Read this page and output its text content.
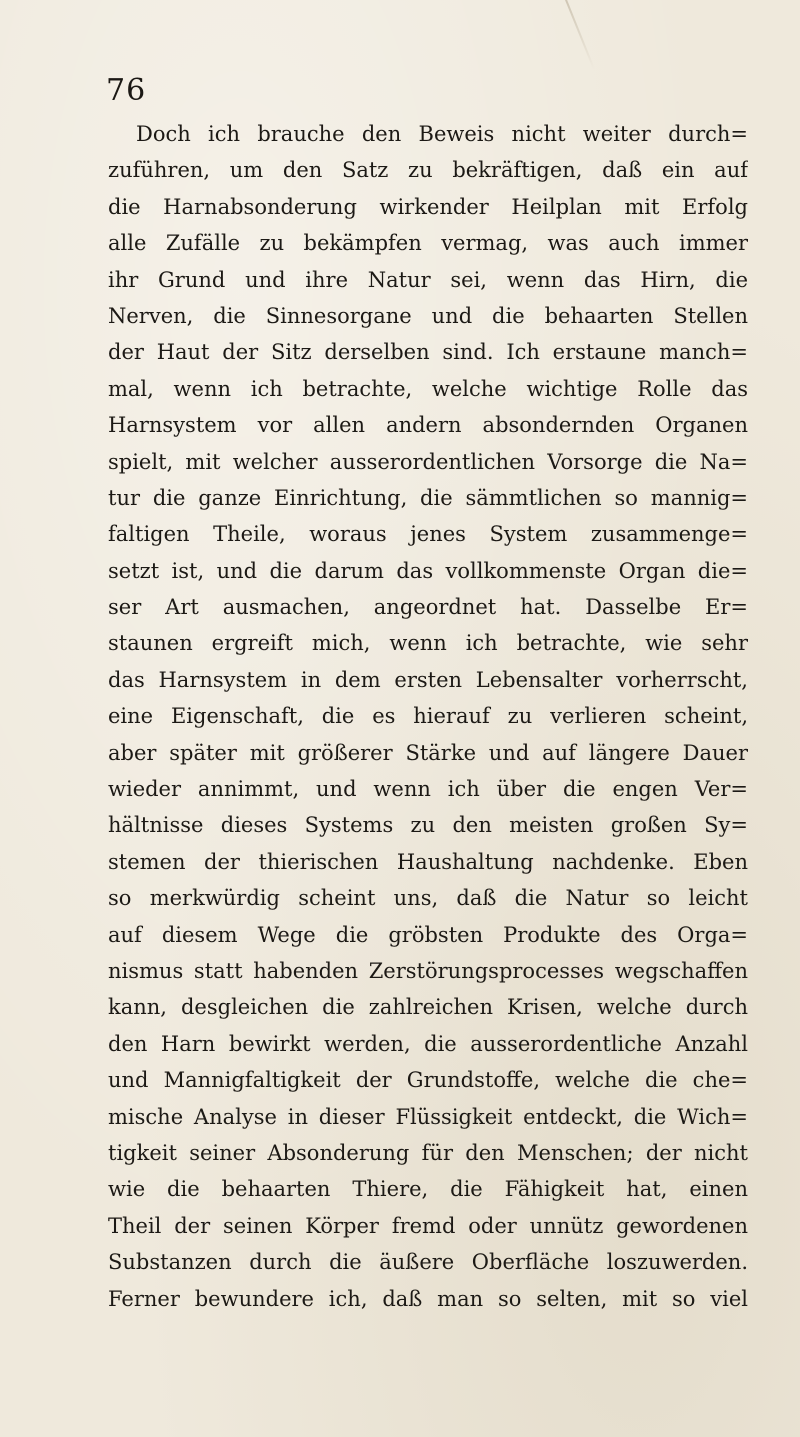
76
Doch ich brauche den Beweis nicht weiter durch=
zuführen, um den Satz zu bekräftigen, daß ein auf
die Harnabsonderung wirkender Heilplan mit Erfolg
alle Zufälle zu bekämpfen vermag, was auch immer
ihr Grund und ihre Natur sei, wenn das Hirn, die
Nerven, die Sinnesorgane und die behaarten Stellen
der Haut der Sitz derselben sind. Ich erstaune manch=
mal, wenn ich betrachte, welche wichtige Rolle das
Harnsystem vor allen andern absondernden Organen
spielt, mit welcher ausserordentlichen Vorsorge die Na=
tur die ganze Einrichtung, die sämmtlichen so mannig=
faltigen Theile, woraus jenes System zusammenge=
setzt ist, und die darum das vollkommenste Organ die=
ser Art ausmachen, angeordnet hat. Dasselbe Er=
staunen ergreift mich, wenn ich betrachte, wie sehr
das Harnsystem in dem ersten Lebensalter vorherrscht,
eine Eigenschaft, die es hierauf zu verlieren scheint,
aber später mit größerer Stärke und auf längere Dauer
wieder annimmt, und wenn ich über die engen Ver=
hältnisse dieses Systems zu den meisten großen Sy=
stemen der thierischen Haushaltung nachdenke. Eben
so merkwürdig scheint uns, daß die Natur so leicht
auf diesem Wege die gröbsten Produkte des Orga=
nismus statt habenden Zerstörungsprocesses wegschaffen
kann, desgleichen die zahlreichen Krisen, welche durch
den Harn bewirkt werden, die ausserordentliche Anzahl
und Mannigfaltigkeit der Grundstoffe, welche die che=
mische Analyse in dieser Flüssigkeit entdeckt, die Wich=
tigkeit seiner Absonderung für den Menschen; der nicht
wie die behaarten Thiere, die Fähigkeit hat, einen
Theil der seinen Körper fremd oder unnütz gewordenen
Substanzen durch die äußere Oberfläche loszuwerden.
Ferner bewundere ich, daß man so selten, mit so viel
